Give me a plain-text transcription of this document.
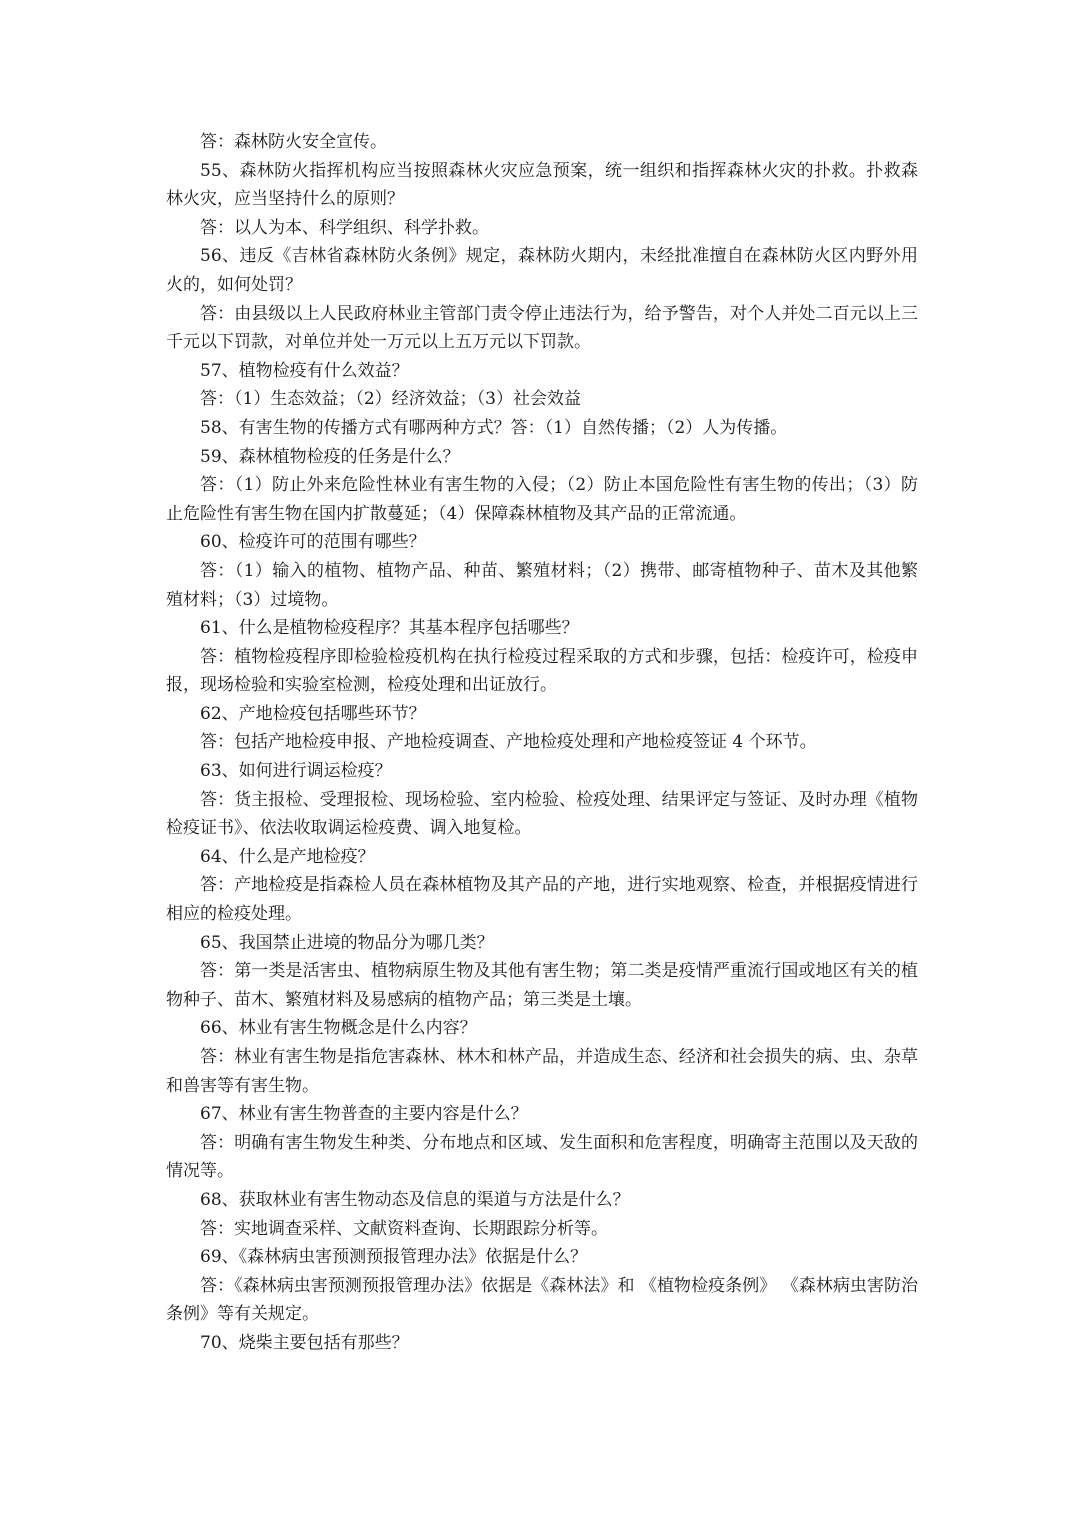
答：森林防火安全宣传。

55、森林防火指挥机构应当按照森林火灾应急预案，统一组织和指挥森林火灾的扑救。扑救森林火灾，应当坚持什么的原则？

答：以人为本、科学组织、科学扑救。

56、违反《吉林省森林防火条例》规定，森林防火期内，未经批准擅自在森林防火区内野外用火的，如何处罚？

答：由县级以上人民政府林业主管部门责令停止违法行为，给予警告，对个人并处二百元以上三千元以下罚款，对单位并处一万元以上五万元以下罚款。

57、植物检疫有什么效益？

答：（1）生态效益；（2）经济效益；（3）社会效益

58、有害生物的传播方式有哪两种方式？答：（1）自然传播；（2）人为传播。

59、森林植物检疫的任务是什么？

答：（1）防止外来危险性林业有害生物的入侵；（2）防止本国危险性有害生物的传出；（3）防止危险性有害生物在国内扩散蔓延；（4）保障森林植物及其产品的正常流通。

60、检疫许可的范围有哪些？

答：（1）输入的植物、植物产品、种苗、繁殖材料；（2）携带、邮寄植物种子、苗木及其他繁殖材料；（3）过境物。

61、什么是植物检疫程序？其基本程序包括哪些？

答：植物检疫程序即检验检疫机构在执行检疫过程采取的方式和步骤，包括：检疫许可，检疫申报，现场检验和实验室检测，检疫处理和出证放行。

62、产地检疫包括哪些环节？

答：包括产地检疫申报、产地检疫调查、产地检疫处理和产地检疫签证 4 个环节。

63、如何进行调运检疫？

答：货主报检、受理报检、现场检验、室内检验、检疫处理、结果评定与签证、及时办理《植物检疫证书》、依法收取调运检疫费、调入地复检。

64、什么是产地检疫？

答：产地检疫是指森检人员在森林植物及其产品的产地，进行实地观察、检查，并根据疫情进行相应的检疫处理。

65、我国禁止进境的物品分为哪几类？

答：第一类是活害虫、植物病原生物及其他有害生物；第二类是疫情严重流行国或地区有关的植物种子、苗木、繁殖材料及易感病的植物产品；第三类是土壤。

66、林业有害生物概念是什么内容？

答：林业有害生物是指危害森林、林木和林产品，并造成生态、经济和社会损失的病、虫、杂草和兽害等有害生物。

67、林业有害生物普查的主要内容是什么？

答：明确有害生物发生种类、分布地点和区域、发生面积和危害程度，明确寄主范围以及天敌的情况等。

68、获取林业有害生物动态及信息的渠道与方法是什么？

答：实地调查采样、文献资料查询、长期跟踪分析等。

69、《森林病虫害预测预报管理办法》依据是什么？

答：《森林病虫害预测预报管理办法》依据是《森林法》和 《植物检疫条例》 《森林病虫害防治条例》等有关规定。

70、烧柴主要包括有那些？
